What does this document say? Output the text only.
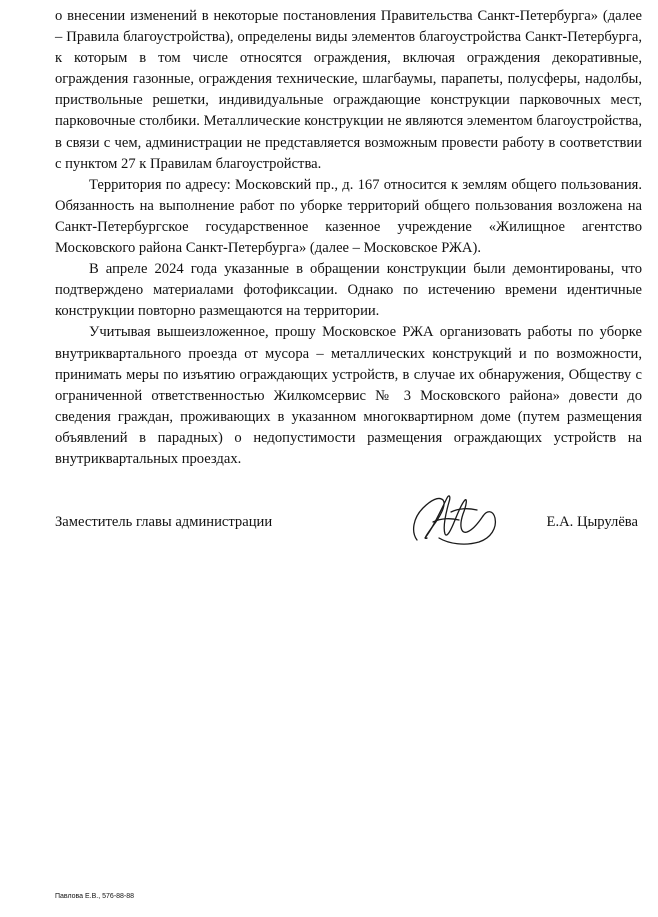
о внесении изменений в некоторые постановления Правительства Санкт-Петербурга» (далее – Правила благоустройства), определены виды элементов благоустройства Санкт-Петербурга, к которым в том числе относятся ограждения, включая ограждения декоративные, ограждения газонные, ограждения технические, шлагбаумы, парапеты, полусферы, надолбы, приствольные решетки, индивидуальные ограждающие конструкции парковочных мест, парковочные столбики. Металлические конструкции не являются элементом благоустройства, в связи с чем, администрации не представляется возможным провести работу в соответствии с пунктом 27 к Правилам благоустройства.

Территория по адресу: Московский пр., д. 167 относится к землям общего пользования. Обязанность на выполнение работ по уборке территорий общего пользования возложена на Санкт-Петербургское государственное казенное учреждение «Жилищное агентство Московского района Санкт-Петербурга» (далее – Московское РЖА).

В апреле 2024 года указанные в обращении конструкции были демонтированы, что подтверждено материалами фотофиксации. Однако по истечению времени идентичные конструкции повторно размещаются на территории.

Учитывая вышеизложенное, прошу Московское РЖА организовать работы по уборке внутриквартального проезда от мусора – металлических конструкций и по возможности, принимать меры по изъятию ограждающих устройств, в случае их обнаружения, Обществу с ограниченной ответственностью Жилкомсервис № 3 Московского района» довести до сведения граждан, проживающих в указанном многоквартирном доме (путем размещения объявлений в парадных) о недопустимости размещения ограждающих устройств на внутриквартальных проездах.

Заместитель главы администрации	Е.А. Цырулёва
Павлова Е.В., 576-88-88
